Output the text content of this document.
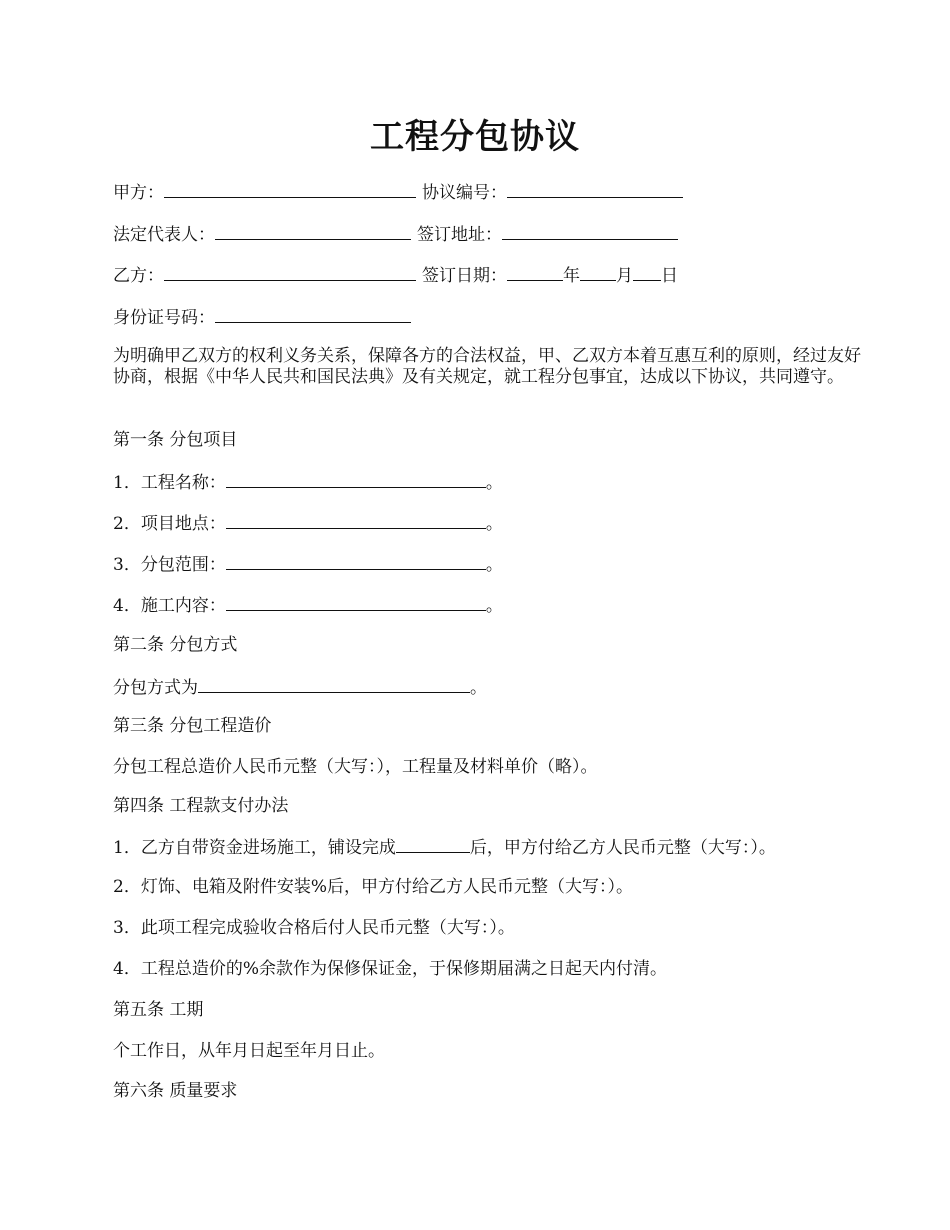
工程分包协议
甲方：	协议编号：
法定代表人：	签订地址：
乙方：	签订日期：	年 月 日
身份证号码：
为明确甲乙双方的权利义务关系，保障各方的合法权益，甲、乙双方本着互惠互利的原则，经过友好协商，根据《中华人民共和国民法典》及有关规定，就工程分包事宜，达成以下协议，共同遵守。
第一条 分包项目
1．工程名称：	。
2．项目地点：	。
3．分包范围：	。
4．施工内容：	。
第二条 分包方式
分包方式为	。
第三条 分包工程造价
分包工程总造价人民币元整（大写：），工程量及材料单价（略）。
第四条 工程款支付办法
1．乙方自带资金进场施工，铺设完成	后，甲方付给乙方人民币元整（大写：）。
2．灯饰、电箱及附件安装%后，甲方付给乙方人民币元整（大写：）。
3．此项工程完成验收合格后付人民币元整（大写：）。
4．工程总造价的%余款作为保修保证金，于保修期届满之日起天内付清。
第五条 工期
个工作日，从年月日起至年月日止。
第六条 质量要求
